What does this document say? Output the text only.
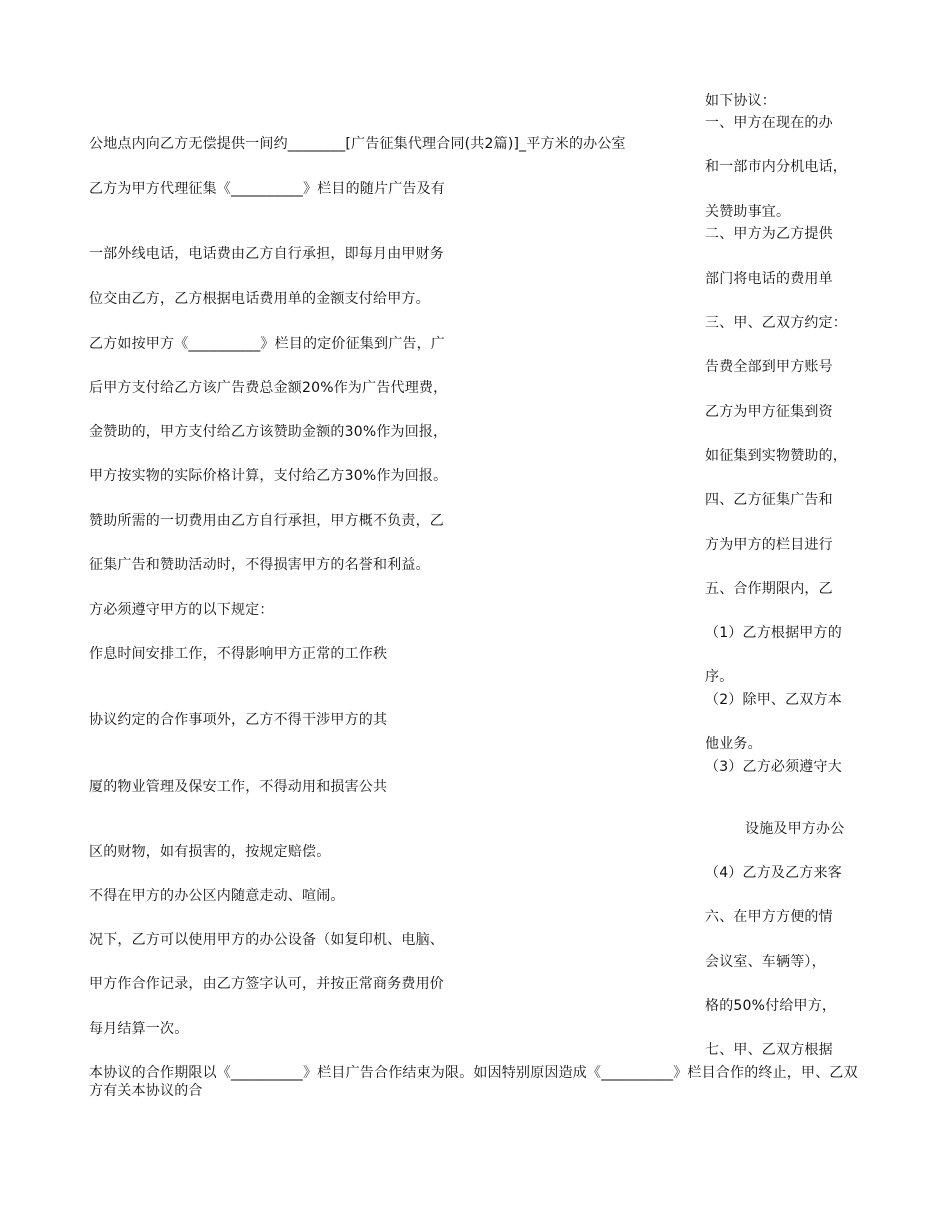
公地点内向乙方无偿提供一间约________[广告征集代理合同(共2篇)]_平方米的办公室
乙方为甲方代理征集《__________》栏目的随片广告及有
一部外线电话，电话费由乙方自行承担，即每月由甲财务
位交由乙方，乙方根据电话费用单的金额支付给甲方。
乙方如按甲方《__________》栏目的定价征集到广告，广
后甲方支付给乙方该广告费总金额20%作为广告代理费，
金赞助的，甲方支付给乙方该赞助金额的30%作为回报，
甲方按实物的实际价格计算，支付给乙方30%作为回报。
赞助所需的一切费用由乙方自行承担，甲方概不负责，乙
征集广告和赞助活动时，不得损害甲方的名誉和利益。
方必须遵守甲方的以下规定：
作息时间安排工作，不得影响甲方正常的工作秩
协议约定的合作事项外，乙方不得干涉甲方的其
厦的物业管理及保安工作，不得动用和损害公共
区的财物，如有损害的，按规定赔偿。
不得在甲方的办公区内随意走动、喧闹。
况下，乙方可以使用甲方的办公设备（如复印机、电脑、
甲方作合作记录，由乙方签字认可，并按正常商务费用价
每月结算一次。
本协议的合作期限以《__________》栏目广告合作结束为限。如因特别原因造成《__________》栏目合作的终止，甲、乙双方有关本协议的合
如下协议：
一、甲方在现在的办
和一部市内分机电话，
关赞助事宜。
二、甲方为乙方提供
部门将电话的费用单
三、甲、乙双方约定：
告费全部到甲方账号
乙方为甲方征集到资
如征集到实物赞助的，
四、乙方征集广告和
方为甲方的栏目进行
五、合作期限内，乙
（1）乙方根据甲方的
序。
（2）除甲、乙双方本
他业务。
（3）乙方必须遵守大
设施及甲方办公
（4）乙方及乙方来客
六、在甲方方便的情
会议室、车辆等），
格的50%付给甲方，
七、甲、乙双方根据
